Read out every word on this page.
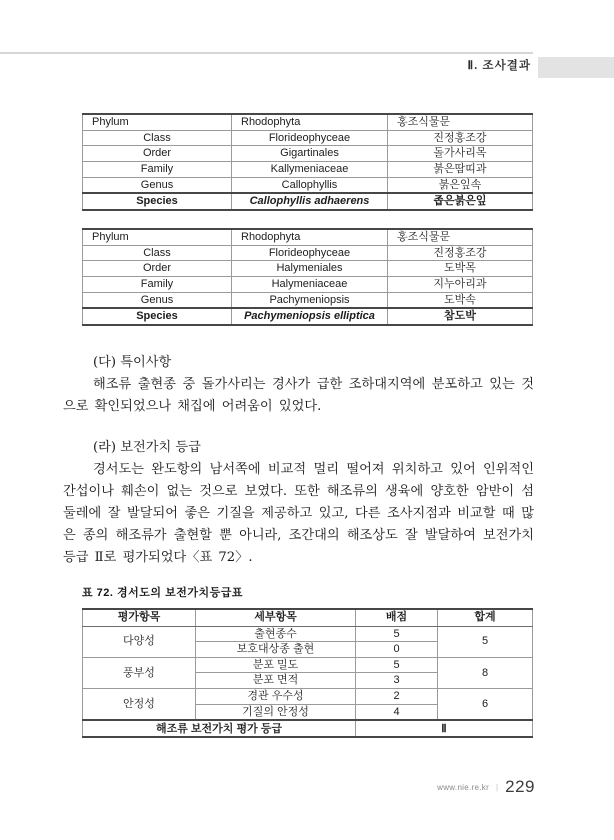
Ⅱ. 조사결과
Phylum	Rhodophyta	홍조식물문
Class	Florideophyceae	진정홍조강
Order	Gigartinales	돌가사리목
Family	Kallymeniaceae	붉은땀띠과
Genus	Callophyllis	붉은잎속
Species	Callophyllis adhaerens	좁은붉은잎
Phylum	Rhodophyta	홍조식물문
Class	Florideophyceae	진정홍조강
Order	Halymeniales	도박목
Family	Halymeniaceae	지누아리과
Genus	Pachymeniopsis	도박속
Species	Pachymeniopsis elliptica	참도박
(다) 특이사항

해조류 출현종 중 돌가사리는 경사가 급한 조하대지역에 분포하고 있는 것으로 확인되었으나 채집에 어려움이 있었다.

(라) 보전가치 등급

경서도는 완도항의 남서쪽에 비교적 멀리 떨어져 위치하고 있어 인위적인 간섭이나 훼손이 없는 것으로 보였다. 또한 해조류의 생육에 양호한 암반이 섬 둘레에 잘 발달되어 좋은 기질을 제공하고 있고, 다른 조사지점과 비교할 때 많은 종의 해조류가 출현할 뿐 아니라, 조간대의 해조상도 잘 발달하여 보전가치등급 Ⅱ로 평가되었다〈표 72〉.

표 72. 경서도의 보전가치등급표
평가항목	세부항목	배점	합계
다양성	출현종수	5	5
	보호대상종 출현	0	
풍부성	분포 밀도	5	8
	분포 면적	3	
안정성	경관 우수성	2	6
	기질의 안정성	4	
해조류 보전가치 평가 등급		Ⅱ	
www.nie.re.kr | 229
